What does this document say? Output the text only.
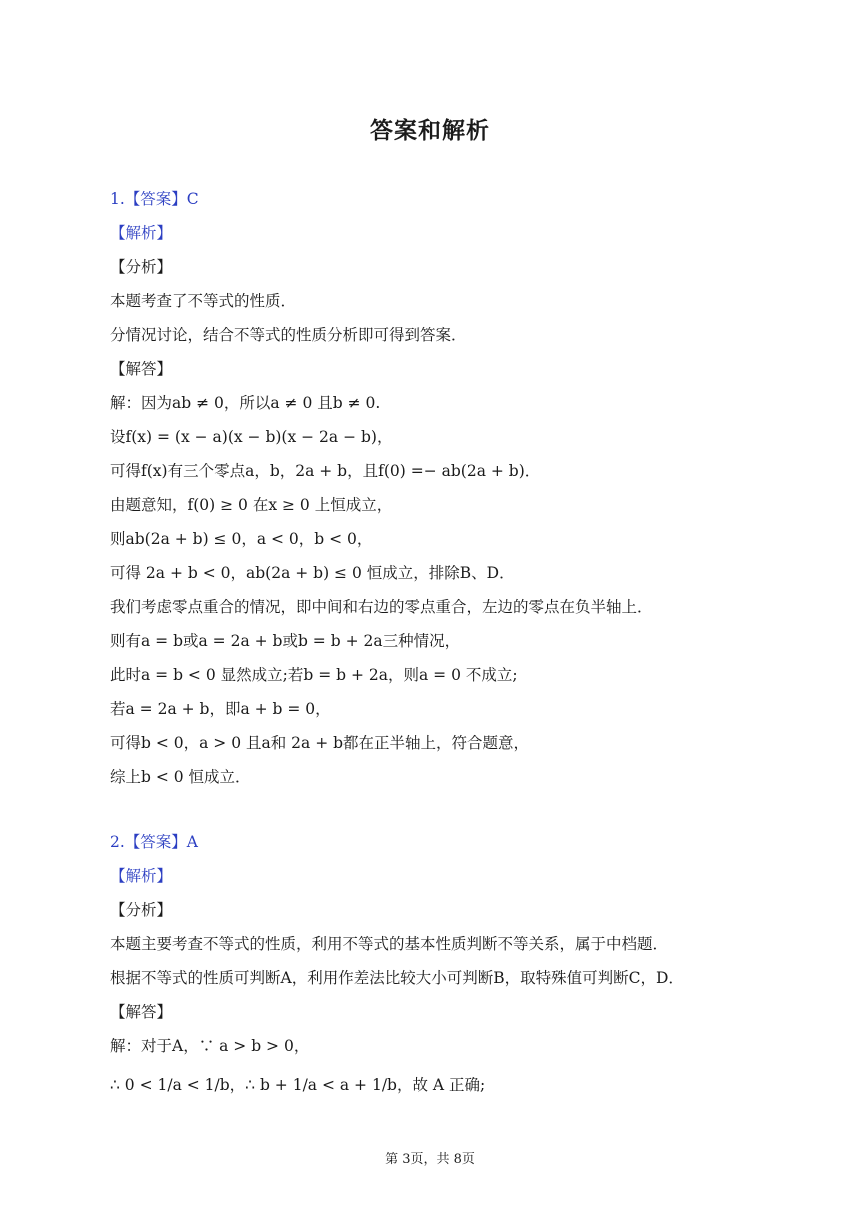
答案和解析
1.【答案】C
【解析】
【分析】
本题考查了不等式的性质．
分情况讨论，结合不等式的性质分析即可得到答案．
【解答】
解：因为ab ≠ 0，所以a ≠ 0 且b ≠ 0.
设f(x) = (x − a)(x − b)(x − 2a − b)，
可得f(x)有三个零点a，b，2a + b，且f(0) =− ab(2a + b)．
由题意知，f(0) ≥ 0 在x ≥ 0 上恒成立，
则ab(2a + b) ≤ 0，a < 0，b < 0，
可得 2a + b < 0，ab(2a + b) ≤ 0 恒成立，排除B、D．
我们考虑零点重合的情况，即中间和右边的零点重合，左边的零点在负半轴上．
则有a = b或a = 2a + b或b = b + 2a三种情况，
此时a = b < 0 显然成立;若b = b + 2a，则a = 0 不成立;
若a = 2a + b，即a + b = 0，
可得b < 0，a > 0 且a和 2a + b都在正半轴上，符合题意，
综上b < 0 恒成立．
2.【答案】A
【解析】
【分析】
本题主要考查不等式的性质，利用不等式的基本性质判断不等关系，属于中档题．
根据不等式的性质可判断A，利用作差法比较大小可判断B，取特殊值可判断C，D．
【解答】
解：对于A，∵ a > b > 0，
∴ 0 < 1/a < 1/b，∴ b + 1/a < a + 1/b，故 A 正确;
第 3页，共 8页
